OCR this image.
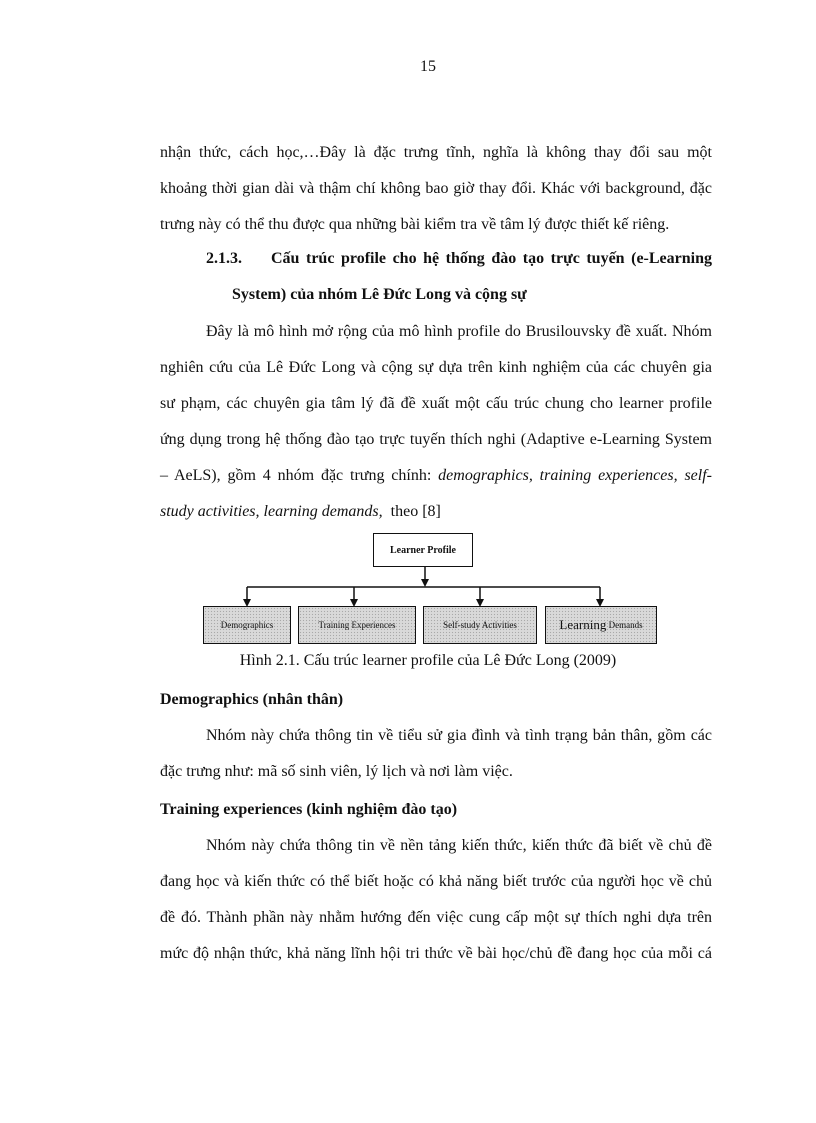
15
nhận thức, cách học,…Đây là đặc trưng tĩnh, nghĩa là không thay đổi sau một
khoảng thời gian dài và thậm chí không bao giờ thay đổi. Khác với background, đặc
trưng này có thể thu được qua những bài kiểm tra về tâm lý được thiết kế riêng.
2.1.3. Cấu trúc profile cho hệ thống đào tạo trực tuyến (e-Learning
System) của nhóm Lê Đức Long và cộng sự
Đây là mô hình mở rộng của mô hình profile do Brusilouvsky đề xuất. Nhóm
nghiên cứu của Lê Đức Long và cộng sự dựa trên kinh nghiệm của các chuyên gia
sư phạm, các chuyên gia tâm lý đã đề xuất một cấu trúc chung cho learner profile
ứng dụng trong hệ thống đào tạo trực tuyến thích nghi (Adaptive e-Learning System
– AeLS), gồm 4 nhóm đặc trưng chính: demographics, training experiences, self-
study activities, learning demands,  theo [8]
Learner Profile
Demographics	Training Experiences	Self-study Activities	Learning Demands
Hình 2.1. Cấu trúc learner profile của Lê Đức Long (2009)
Demographics (nhân thân)
Nhóm này chứa thông tin về tiểu sử gia đình và tình trạng bản thân, gồm các
đặc trưng như: mã số sinh viên, lý lịch và nơi làm việc.
Training experiences (kinh nghiệm đào tạo)
Nhóm này chứa thông tin về nền tảng kiến thức, kiến thức đã biết về chủ đề
đang học và kiến thức có thể biết hoặc có khả năng biết trước của người học về chủ
đề đó. Thành phần này nhằm hướng đến việc cung cấp một sự thích nghi dựa trên
mức độ nhận thức, khả năng lĩnh hội tri thức về bài học/chủ đề đang học của mỗi cá
